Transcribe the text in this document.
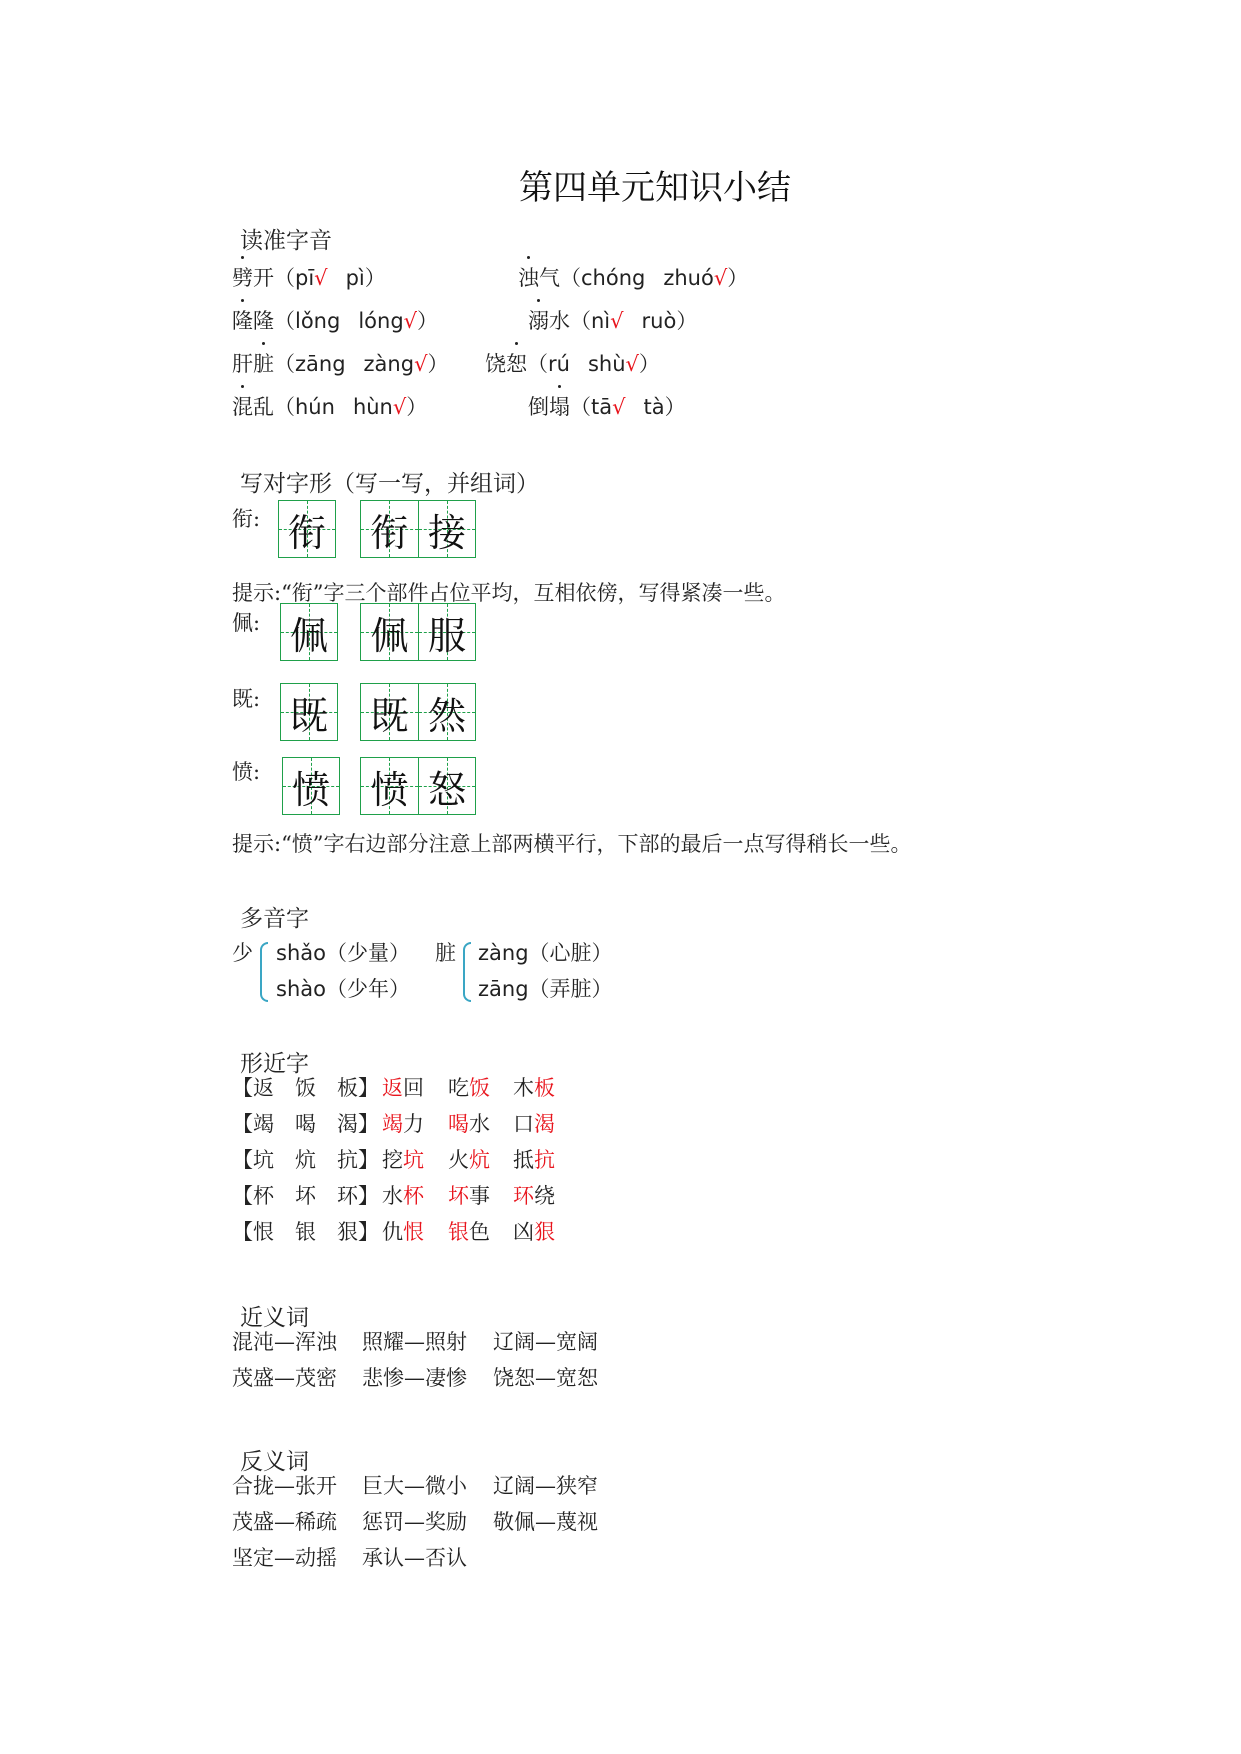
第四单元知识小结
读准字音
劈开（pī√ pì）	浊气（chóng zhuó√）
隆隆（lǒng lóng√）	溺水（nì√ ruò）
肝脏（zāng zàng√） 饶恕（rú shù√）
混乱（hún hùn√）	倒塌（tā√ tà）
写对字形（写一写，并组词）
衔: 衔 衔 接
佩: 佩 佩 服
既: 既 既 然
愤: 愤 愤 怒
提示:“衔”字三个部件占位平均，互相依傍，写得紧凑一些。
提示:“愤”字右边部分注意上部两横平行，下部的最后一点写得稍长一些。
多音字
少 shǎo（少量）
shào（少年）
脏 zàng（心脏）
zāng（弄脏）
形近字
【返　饭　板】 返回 吃饭 木板
【竭　喝　渴】 竭力 喝水 口渴
【坑　炕　抗】 挖坑 火炕 抵抗
【杯　坏　环】 水杯 坏事 环绕
【恨　银　狠】 仇恨 银色 凶狠
近义词
混沌—浑浊 照耀—照射 辽阔—宽阔
茂盛—茂密 悲惨—凄惨 饶恕—宽恕
反义词
合拢—张开 巨大—微小 辽阔—狭窄
茂盛—稀疏 惩罚—奖励 敬佩—蔑视
坚定—动摇 承认—否认
